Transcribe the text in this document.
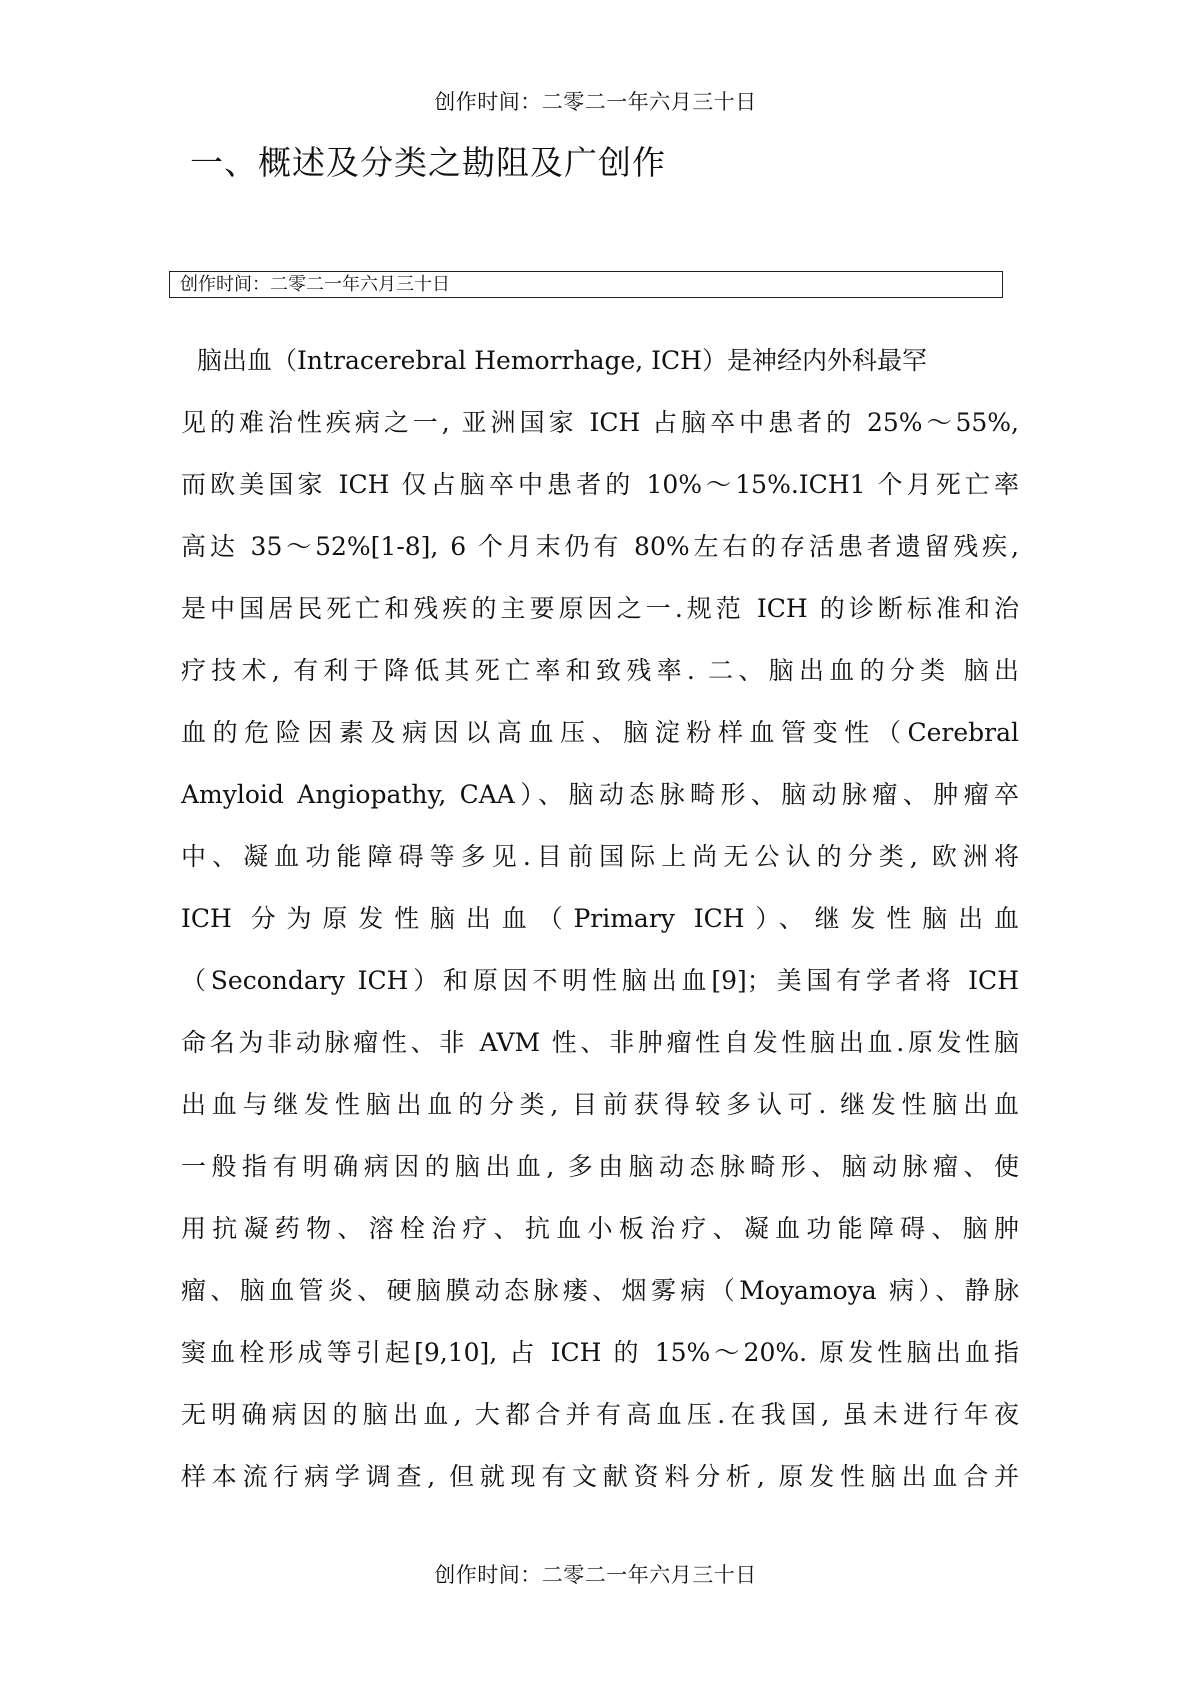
创作时间：二零二一年六月三十日
一、概述及分类之勘阻及广创作
创作时间：二零二一年六月三十日
脑出血（Intracerebral Hemorrhage, ICH）是神经内外科最罕
见的难治性疾病之一, 亚洲国家 ICH 占脑卒中患者的 25%～55%,
而欧美国家 ICH 仅占脑卒中患者的 10%～15%.ICH1 个月死亡率
高达 35～52%[1-8], 6 个月末仍有 80%左右的存活患者遗留残疾,
是中国居民死亡和残疾的主要原因之一.规范 ICH 的诊断标准和治
疗技术, 有利于降低其死亡率和致残率. 二、脑出血的分类 脑出
血的危险因素及病因以高血压、脑淀粉样血管变性（Cerebral
Amyloid Angiopathy, CAA）、脑动态脉畸形、脑动脉瘤、肿瘤卒
中、凝血功能障碍等多见.目前国际上尚无公认的分类, 欧洲将
ICH 分为原发性脑出血（Primary ICH）、继发性脑出血
（Secondary ICH）和原因不明性脑出血[9]；美国有学者将 ICH
命名为非动脉瘤性、非 AVM 性、非肿瘤性自发性脑出血.原发性脑
出血与继发性脑出血的分类, 目前获得较多认可. 继发性脑出血
一般指有明确病因的脑出血, 多由脑动态脉畸形、脑动脉瘤、使
用抗凝药物、溶栓治疗、抗血小板治疗、凝血功能障碍、脑肿
瘤、脑血管炎、硬脑膜动态脉瘘、烟雾病（Moyamoya 病）、静脉
窦血栓形成等引起[9,10], 占 ICH 的 15%～20%. 原发性脑出血指
无明确病因的脑出血, 大都合并有高血压.在我国, 虽未进行年夜
样本流行病学调查, 但就现有文献资料分析, 原发性脑出血合并
创作时间：二零二一年六月三十日
